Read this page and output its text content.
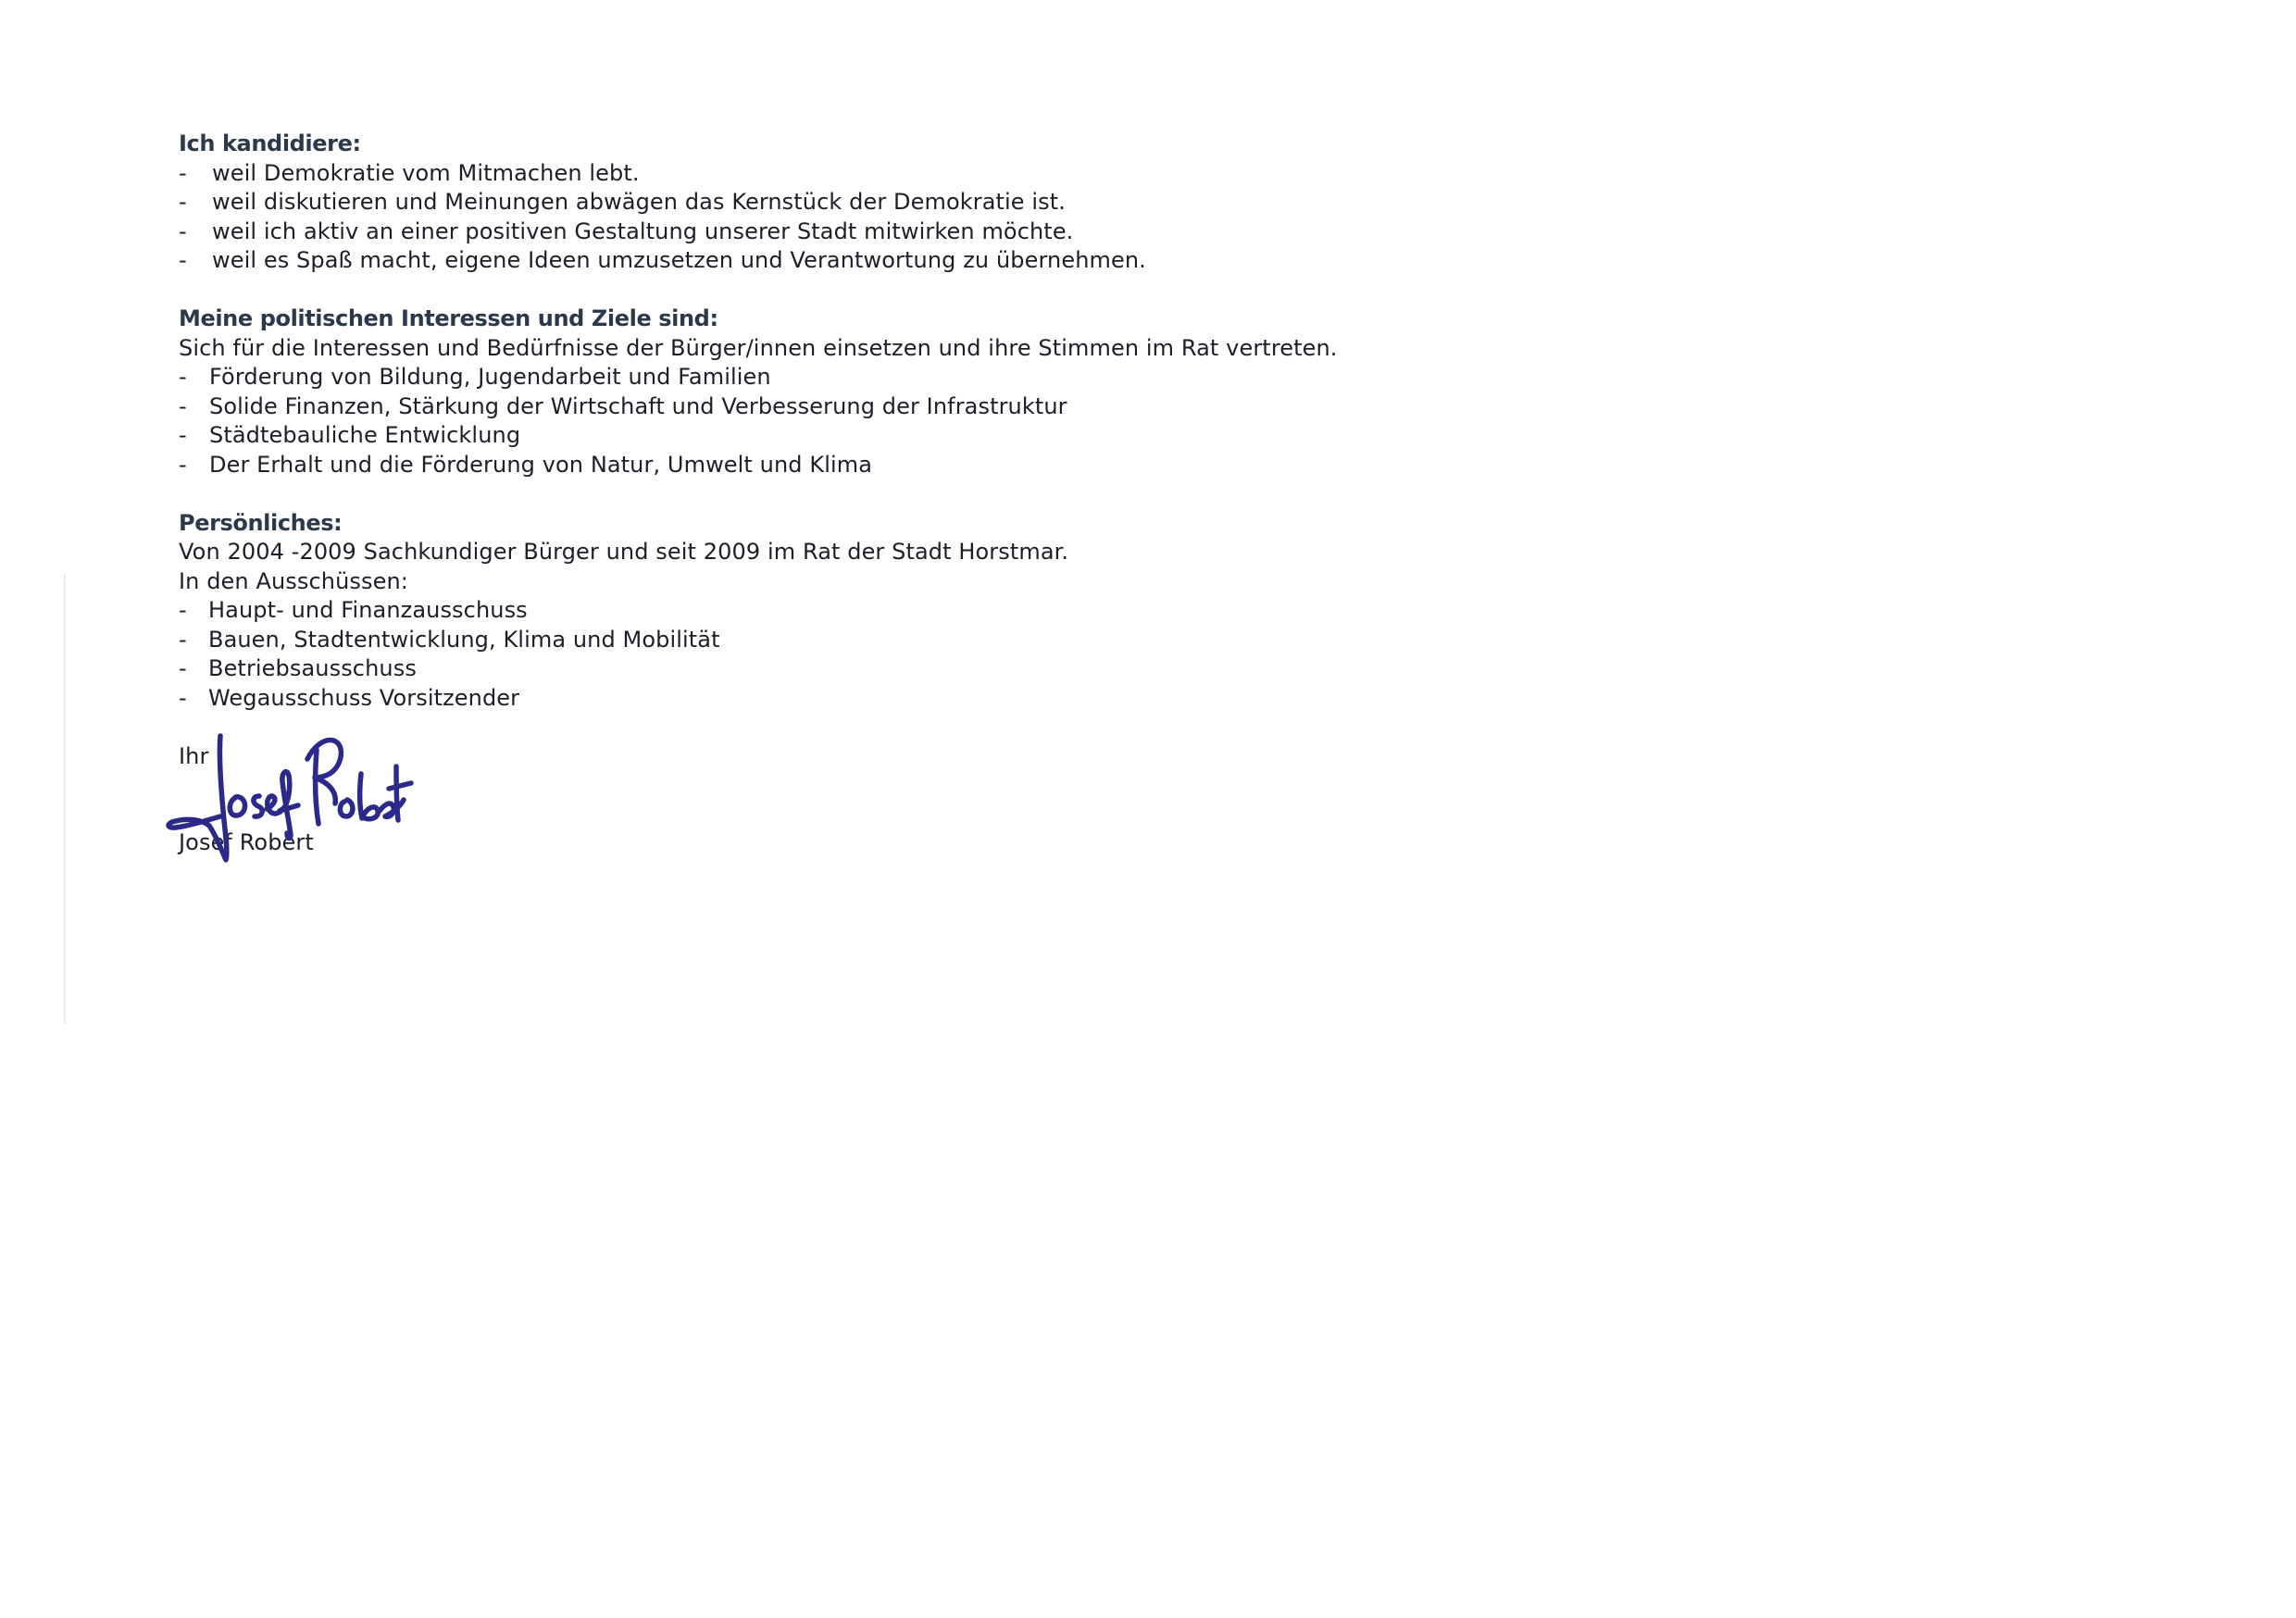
Ich kandidiere:

- weil Demokratie vom Mitmachen lebt.
- weil diskutieren und Meinungen abwägen das Kernstück der Demokratie ist.
- weil ich aktiv an einer positiven Gestaltung unserer Stadt mitwirken möchte.
- weil es Spaß macht, eigene Ideen umzusetzen und Verantwortung zu übernehmen.

Meine politischen Interessen und Ziele sind:

Sich für die Interessen und Bedürfnisse der Bürger/innen einsetzen und ihre Stimmen im Rat vertreten.

- Förderung von Bildung, Jugendarbeit und Familien
- Solide Finanzen, Stärkung der Wirtschaft und Verbesserung der Infrastruktur
- Städtebauliche Entwicklung
- Der Erhalt und die Förderung von Natur, Umwelt und Klima

Persönliches:

Von 2004 -2009 Sachkundiger Bürger und seit 2009 im Rat der Stadt Horstmar.

In den Ausschüssen:

- Haupt- und Finanzausschuss
- Bauen, Stadtentwicklung, Klima und Mobilität
- Betriebsausschuss
- Wegausschuss Vorsitzender

Ihr

Josef Robert
